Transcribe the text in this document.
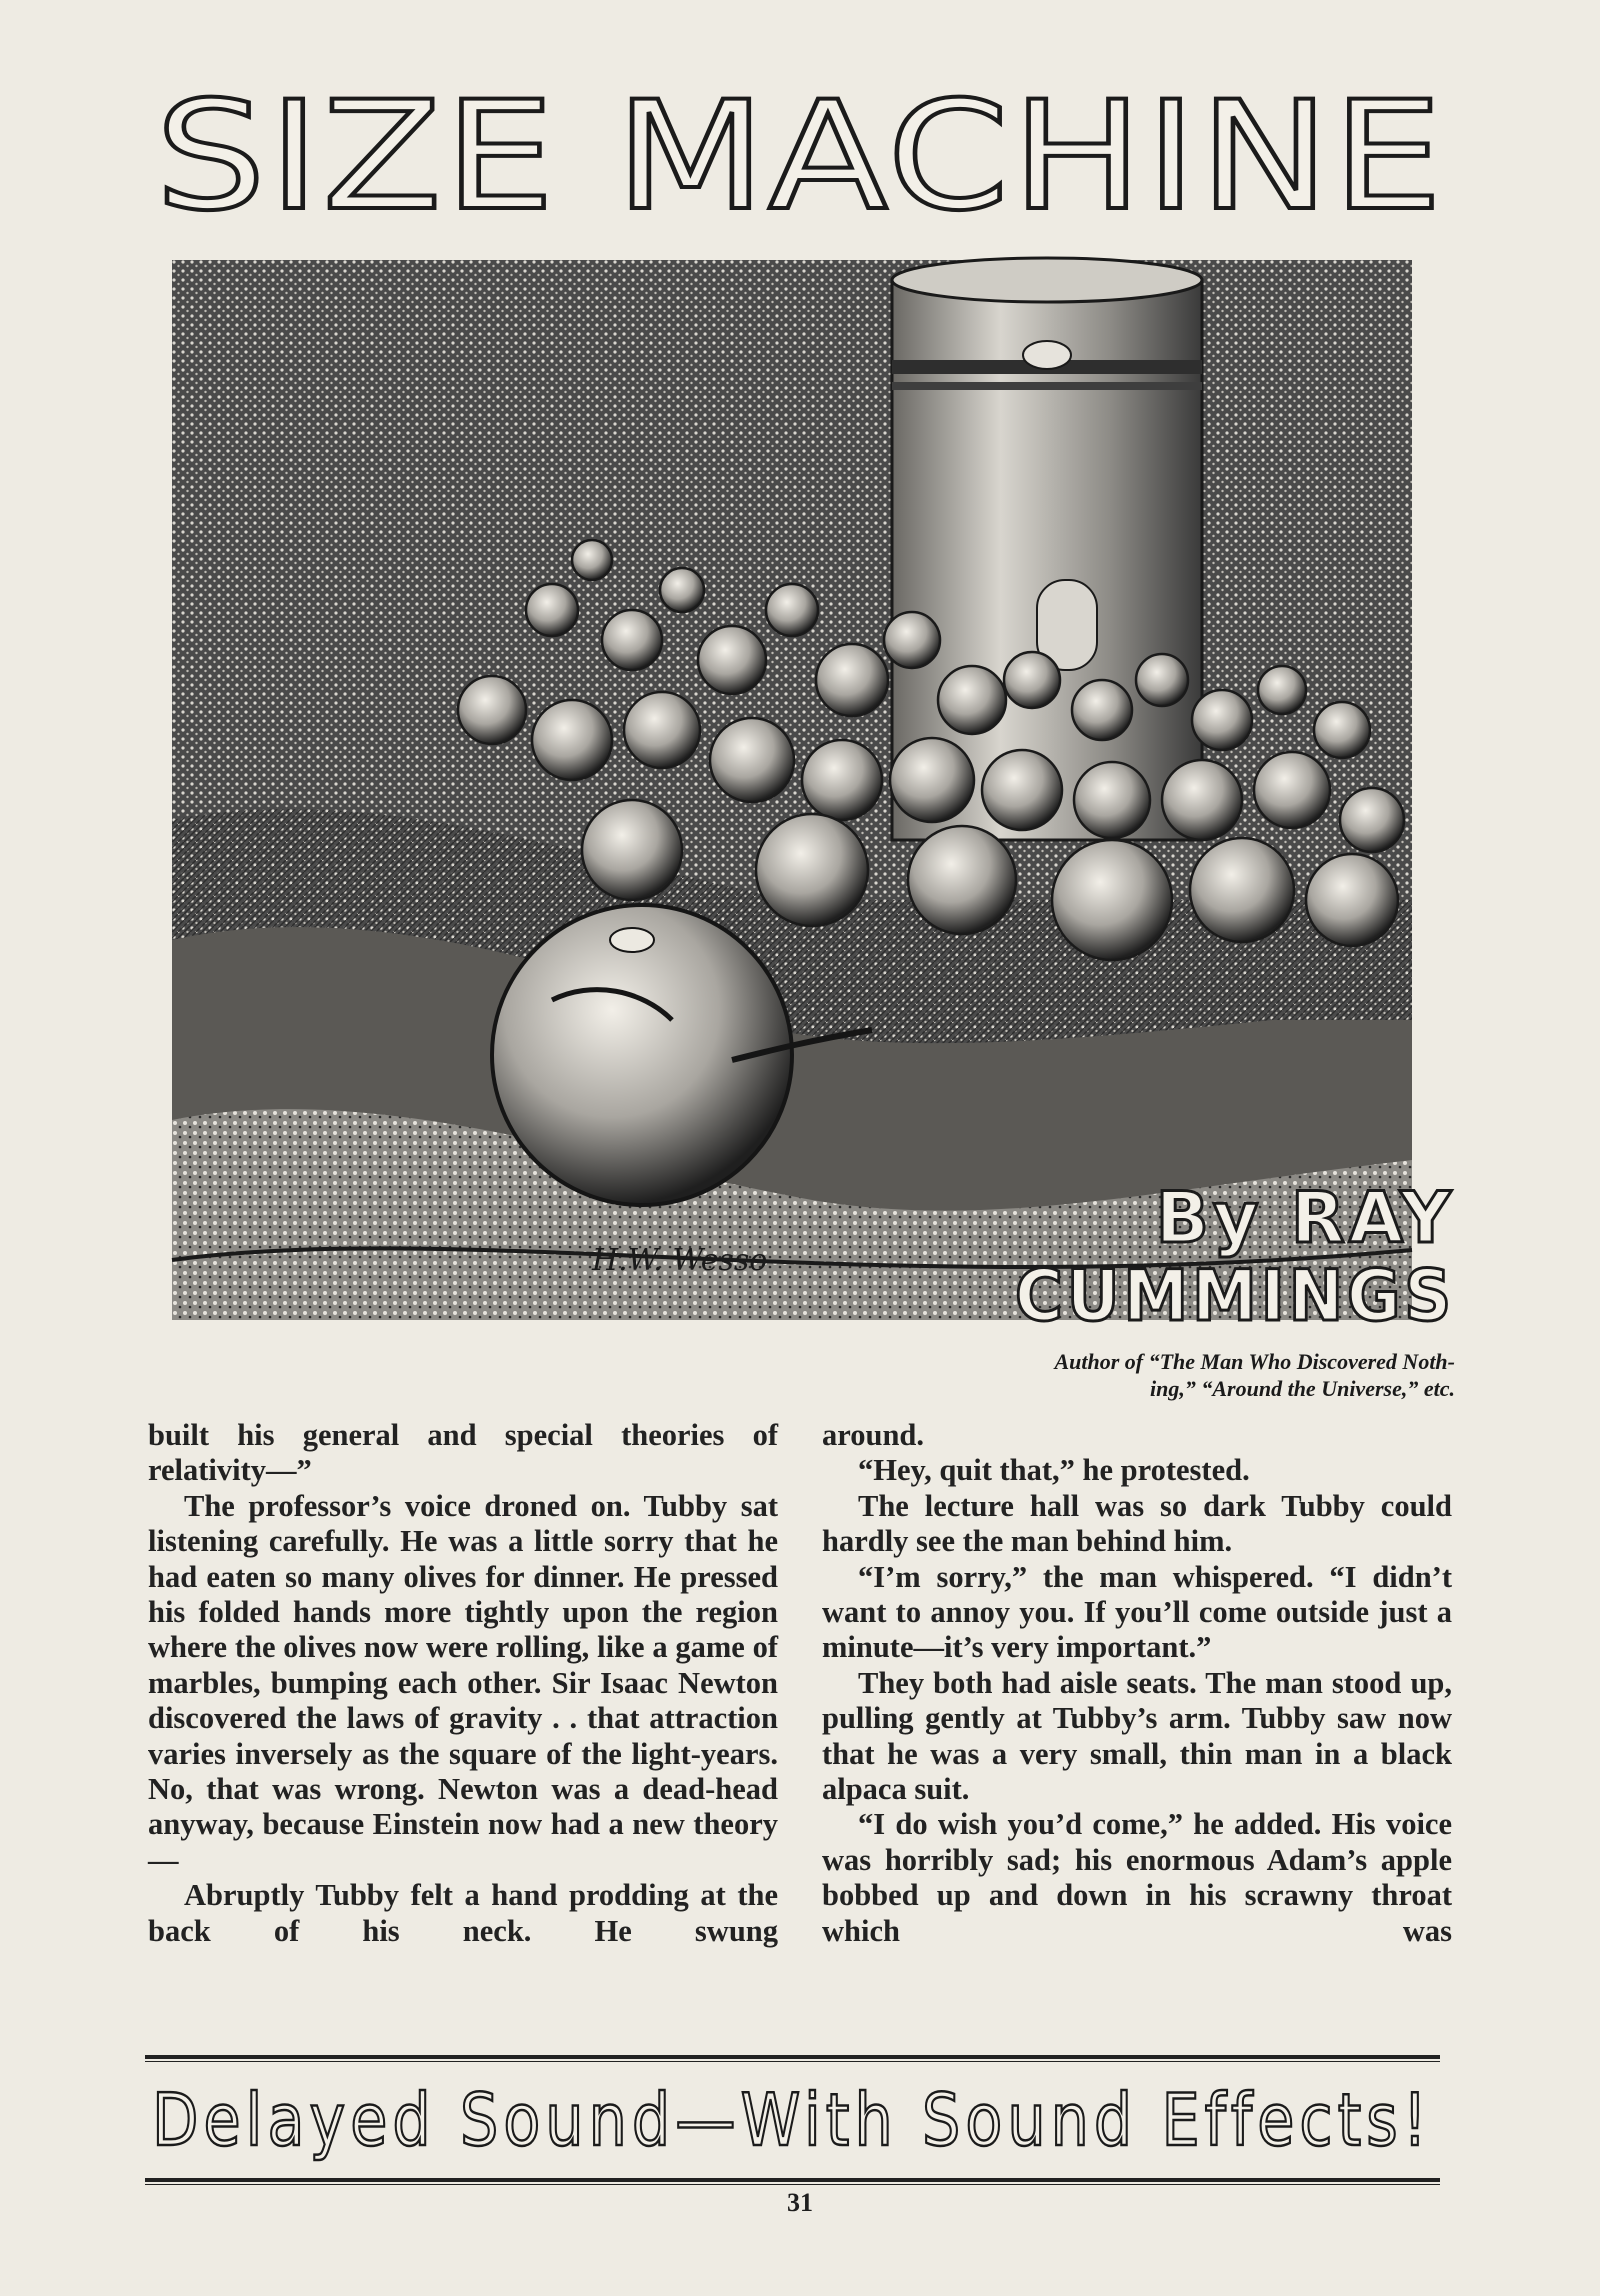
SIZE MACHINE
H.W. Wesso
By RAY
CUMMINGS
Author of “The Man Who Discovered Noth-
ing,” “Around the Universe,” etc.

built his general and special theories of relativity—”

The professor’s voice droned on. Tubby sat listening carefully. He was a little sorry that he had eaten so many olives for dinner. He pressed his folded hands more tightly upon the region where the olives now were rolling, like a game of marbles, bumping each other. Sir Isaac Newton discovered the laws of gravity . . that attraction varies inversely as the square of the light-years. No, that was wrong. Newton was a dead-head anyway, because Einstein now had a new theory—

Abruptly Tubby felt a hand prodding at the back of his neck. He swung

around.

“Hey, quit that,” he protested.

The lecture hall was so dark Tubby could hardly see the man behind him.

“I’m sorry,” the man whispered. “I didn’t want to annoy you. If you’ll come outside just a minute—it’s very important.”

They both had aisle seats. The man stood up, pulling gently at Tubby’s arm. Tubby saw now that he was a very small, thin man in a black alpaca suit.

“I do wish you’d come,” he added. His voice was horribly sad; his enormous Adam’s apple bobbed up and down in his scrawny throat which was

Delayed Sound—With Sound Effects!
31
